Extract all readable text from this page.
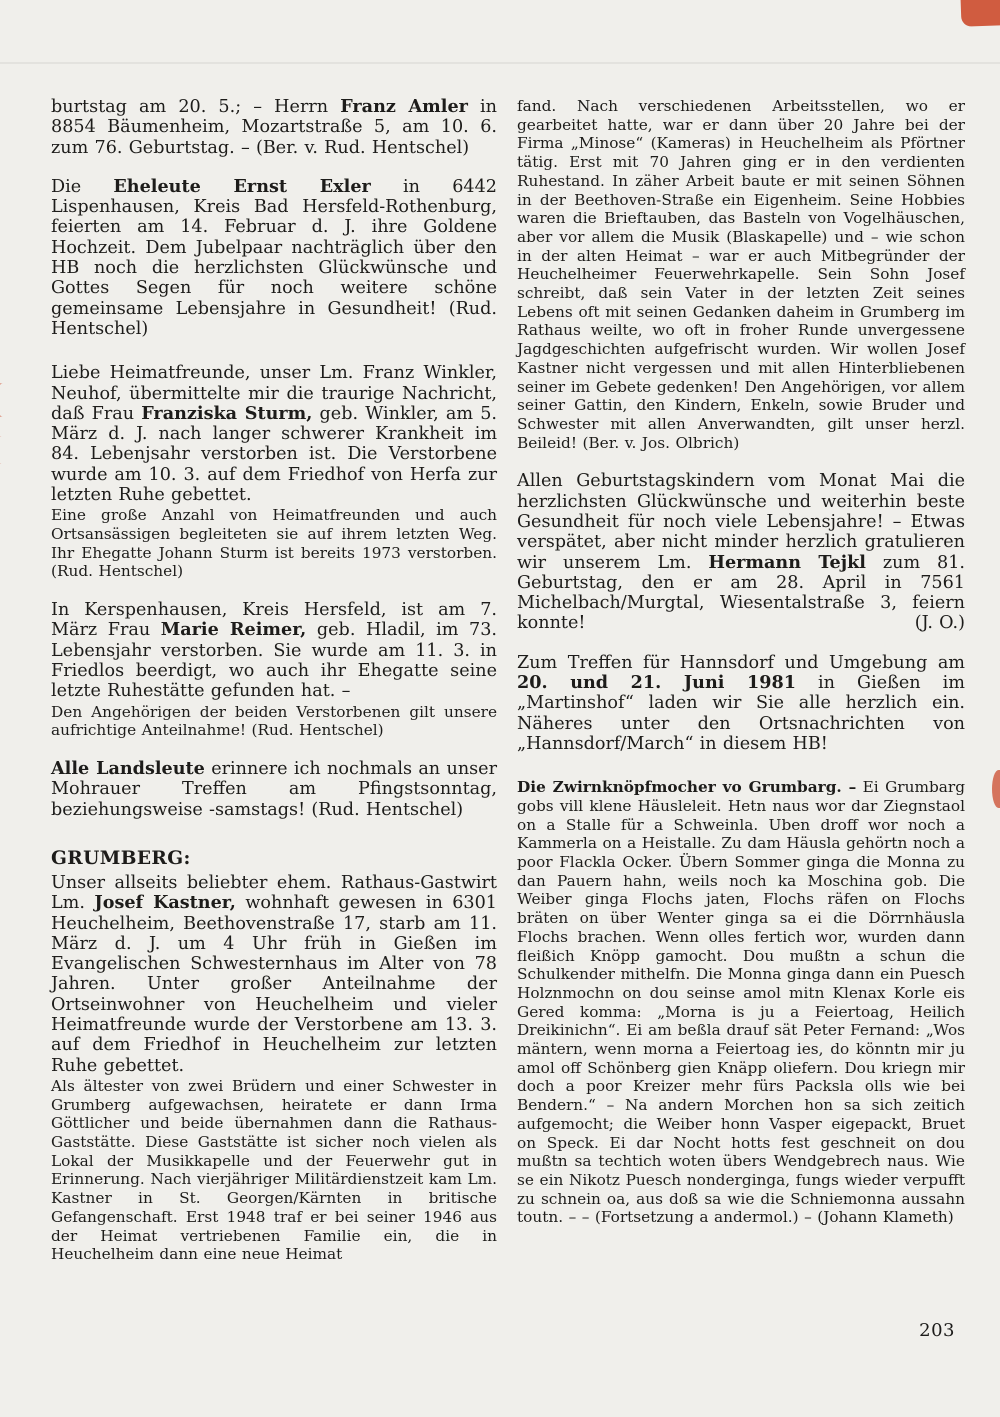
burtstag am 20. 5.; – Herrn Franz Amler in 8854 Bäumenheim, Mozartstraße 5, am 10. 6. zum 76. Geburtstag. – (Ber. v. Rud. Hentschel)

Die Eheleute Ernst Exler in 6442 Lispenhausen, Kreis Bad Hersfeld-Rothenburg, feierten am 14. Februar d. J. ihre Goldene Hochzeit. Dem Jubelpaar nachträglich über den HB noch die herzlichsten Glückwünsche und Gottes Segen für noch weitere schöne gemeinsame Lebensjahre in Gesundheit! (Rud. Hentschel)

Liebe Heimatfreunde, unser Lm. Franz Winkler, Neuhof, übermittelte mir die traurige Nachricht, daß Frau Franziska Sturm, geb. Winkler, am 5. März d. J. nach langer schwerer Krankheit im 84. Lebenjsahr verstorben ist. Die Verstorbene wurde am 10. 3. auf dem Friedhof von Herfa zur letzten Ruhe gebettet.

Eine große Anzahl von Heimatfreunden und auch Ortsansässigen begleiteten sie auf ihrem letzten Weg. Ihr Ehegatte Johann Sturm ist bereits 1973 verstorben. (Rud. Hentschel)

In Kerspenhausen, Kreis Hersfeld, ist am 7. März Frau Marie Reimer, geb. Hladil, im 73. Lebensjahr verstorben. Sie wurde am 11. 3. in Friedlos beerdigt, wo auch ihr Ehegatte seine letzte Ruhestätte gefunden hat. –

Den Angehörigen der beiden Verstorbenen gilt unsere aufrichtige Anteilnahme! (Rud. Hentschel)

Alle Landsleute erinnere ich nochmals an unser Mohrauer Treffen am Pfingstsonntag, beziehungsweise -samstags! (Rud. Hentschel)

GRUMBERG:

Unser allseits beliebter ehem. Rathaus-Gastwirt Lm. Josef Kastner, wohnhaft gewesen in 6301 Heuchelheim, Beethovenstraße 17, starb am 11. März d. J. um 4 Uhr früh in Gießen im Evangelischen Schwesternhaus im Alter von 78 Jahren. Unter großer Anteilnahme der Ortseinwohner von Heuchelheim und vieler Heimatfreunde wurde der Verstorbene am 13. 3. auf dem Friedhof in Heuchelheim zur letzten Ruhe gebettet.

Als ältester von zwei Brüdern und einer Schwester in Grumberg aufgewachsen, heiratete er dann Irma Göttlicher und beide übernahmen dann die Rathaus-Gaststätte. Diese Gaststätte ist sicher noch vielen als Lokal der Musikkapelle und der Feuerwehr gut in Erinnerung. Nach vierjähriger Militärdienstzeit kam Lm. Kastner in St. Georgen/Kärnten in britische Gefangenschaft. Erst 1948 traf er bei seiner 1946 aus der Heimat vertriebenen Familie ein, die in Heuchelheim dann eine neue Heimat

fand. Nach verschiedenen Arbeitsstellen, wo er gearbeitet hatte, war er dann über 20 Jahre bei der Firma „Minose“ (Kameras) in Heuchelheim als Pförtner tätig. Erst mit 70 Jahren ging er in den verdienten Ruhestand. In zäher Arbeit baute er mit seinen Söhnen in der Beethoven-Straße ein Eigenheim. Seine Hobbies waren die Brieftauben, das Basteln von Vogelhäuschen, aber vor allem die Musik (Blaskapelle) und – wie schon in der alten Heimat – war er auch Mitbegründer der Heuchelheimer Feuerwehrkapelle. Sein Sohn Josef schreibt, daß sein Vater in der letzten Zeit seines Lebens oft mit seinen Gedanken daheim in Grumberg im Rathaus weilte, wo oft in froher Runde unvergessene Jagdgeschichten aufgefrischt wurden. Wir wollen Josef Kastner nicht vergessen und mit allen Hinterbliebenen seiner im Gebete gedenken! Den Angehörigen, vor allem seiner Gattin, den Kindern, Enkeln, sowie Bruder und Schwester mit allen Anverwandten, gilt unser herzl. Beileid! (Ber. v. Jos. Olbrich)

Allen Geburtstagskindern vom Monat Mai die herzlichsten Glückwünsche und weiterhin beste Gesundheit für noch viele Lebensjahre! – Etwas verspätet, aber nicht minder herzlich gratulieren wir unserem Lm. Hermann Tejkl zum 81. Geburtstag, den er am 28. April in 7561 Michelbach/Murgtal, Wiesentalstraße 3, feiern konnte!	(J. O.)

Zum Treffen für Hannsdorf und Umgebung am 20. und 21. Juni 1981 in Gießen im „Martinshof“ laden wir Sie alle herzlich ein. Näheres unter den Ortsnachrichten von „Hannsdorf/March“ in diesem HB!

Die Zwirnknöpfmocher vo Grumbarg. – Ei Grumbarg gobs vill klene Häusleleit. Hetn naus wor dar Ziegnstaol on a Stalle für a Schweinla. Uben droff wor noch a Kammerla on a Heistalle. Zu dam Häusla gehörtn noch a poor Flackla Ocker. Übern Sommer ginga die Monna zu dan Pauern hahn, weils noch ka Moschina gob. Die Weiber ginga Flochs jaten, Flochs räfen on Flochs bräten on über Wenter ginga sa ei die Dörrnhäusla Flochs brachen. Wenn olles fertich wor, wurden dann fleißich Knöpp gamocht. Dou mußtn a schun die Schulkender mithelfn. Die Monna ginga dann ein Puesch Holznmochn on dou seinse amol mitn Klenax Korle eis Gered komma: „Morna is ju a Feiertoag, Heilich Dreikinichn“. Ei am beßla drauf sät Peter Fernand: „Wos mäntern, wenn morna a Feiertoag ies, do könntn mir ju amol off Schönberg gien Knäpp oliefern. Dou kriegn mir doch a poor Kreizer mehr fürs Packsla olls wie bei Bendern.“ – Na andern Morchen hon sa sich zeitich aufgemocht; die Weiber honn Vasper eigepackt, Bruet on Speck. Ei dar Nocht hotts fest geschneit on dou mußtn sa techtich woten übers Wendgebrech naus. Wie se ein Nikotz Puesch nonderginga, fungs wieder verpufft zu schnein oa, aus doß sa wie die Schniemonna aussahn toutn. – – (Fortsetzung a andermol.) – (Johann Klameth)

203
